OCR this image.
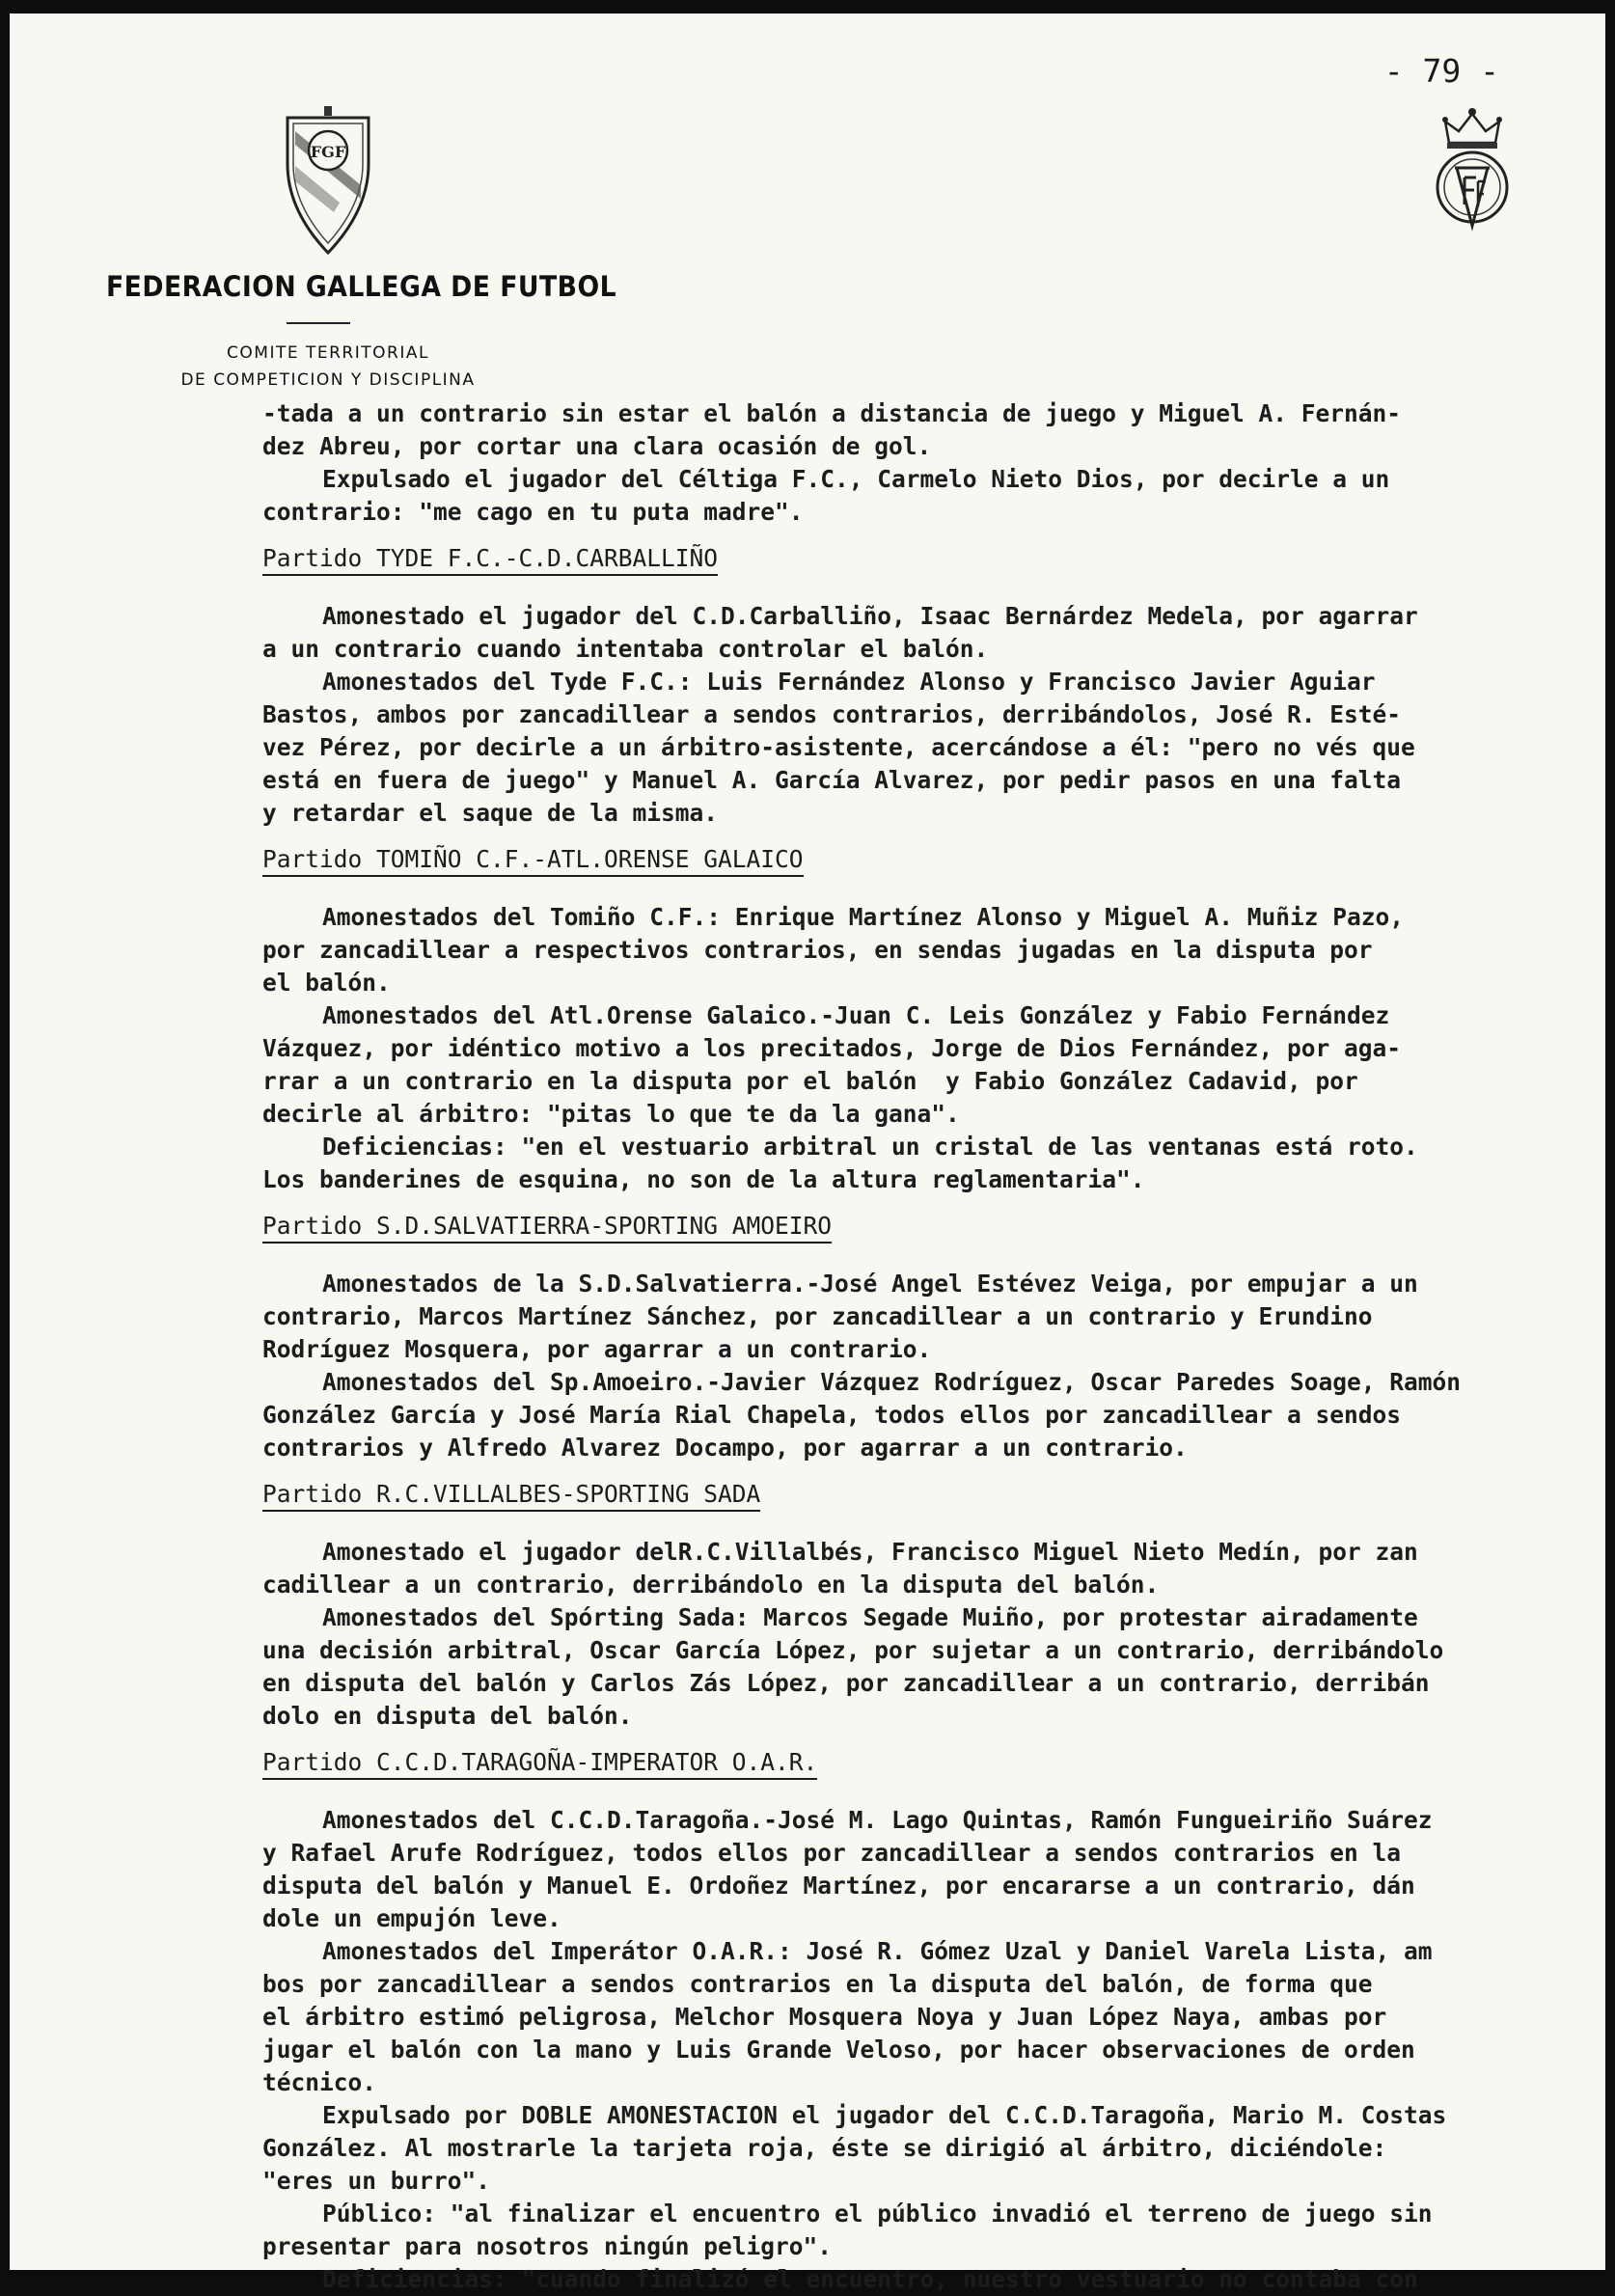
- 79 -
FGF
FEDERACION GALLEGA DE FUTBOL
COMITE TERRITORIAL
DE COMPETICION Y DISCIPLINA
-tada a un contrario sin estar el balón a distancia de juego y Miguel A. Fernán-
dez Abreu, por cortar una clara ocasión de gol.
Expulsado el jugador del Céltiga F.C., Carmelo Nieto Dios, por decirle a un
contrario: "me cago en tu puta madre".
Partido TYDE F.C.-C.D.CARBALLIÑO
Amonestado el jugador del C.D.Carballiño, Isaac Bernárdez Medela, por agarrar
a un contrario cuando intentaba controlar el balón.
Amonestados del Tyde F.C.: Luis Fernández Alonso y Francisco Javier Aguiar
Bastos, ambos por zancadillear a sendos contrarios, derribándolos, José R. Esté-
vez Pérez, por decirle a un árbitro-asistente, acercándose a él: "pero no vés que
está en fuera de juego" y Manuel A. García Alvarez, por pedir pasos en una falta
y retardar el saque de la misma.
Partido TOMIÑO C.F.-ATL.ORENSE GALAICO
Amonestados del Tomiño C.F.: Enrique Martínez Alonso y Miguel A. Muñiz Pazo,
por zancadillear a respectivos contrarios, en sendas jugadas en la disputa por
el balón.
Amonestados del Atl.Orense Galaico.-Juan C. Leis González y Fabio Fernández
Vázquez, por idéntico motivo a los precitados, Jorge de Dios Fernández, por aga-
rrar a un contrario en la disputa por el balón  y Fabio González Cadavid, por
decirle al árbitro: "pitas lo que te da la gana".
Deficiencias: "en el vestuario arbitral un cristal de las ventanas está roto.
Los banderines de esquina, no son de la altura reglamentaria".
Partido S.D.SALVATIERRA-SPORTING AMOEIRO
Amonestados de la S.D.Salvatierra.-José Angel Estévez Veiga, por empujar a un
contrario, Marcos Martínez Sánchez, por zancadillear a un contrario y Erundino
Rodríguez Mosquera, por agarrar a un contrario.
Amonestados del Sp.Amoeiro.-Javier Vázquez Rodríguez, Oscar Paredes Soage, Ramón
González García y José María Rial Chapela, todos ellos por zancadillear a sendos
contrarios y Alfredo Alvarez Docampo, por agarrar a un contrario.
Partido R.C.VILLALBES-SPORTING SADA
Amonestado el jugador delR.C.Villalbés, Francisco Miguel Nieto Medín, por zan
cadillear a un contrario, derribándolo en la disputa del balón.
Amonestados del Spórting Sada: Marcos Segade Muiño, por protestar airadamente
una decisión arbitral, Oscar García López, por sujetar a un contrario, derribándolo
en disputa del balón y Carlos Zás López, por zancadillear a un contrario, derribán
dolo en disputa del balón.
Partido C.C.D.TARAGOÑA-IMPERATOR O.A.R.
Amonestados del C.C.D.Taragoña.-José M. Lago Quintas, Ramón Fungueiriño Suárez
y Rafael Arufe Rodríguez, todos ellos por zancadillear a sendos contrarios en la
disputa del balón y Manuel E. Ordoñez Martínez, por encararse a un contrario, dán
dole un empujón leve.
Amonestados del Imperátor O.A.R.: José R. Gómez Uzal y Daniel Varela Lista, am
bos por zancadillear a sendos contrarios en la disputa del balón, de forma que
el árbitro estimó peligrosa, Melchor Mosquera Noya y Juan López Naya, ambas por
jugar el balón con la mano y Luis Grande Veloso, por hacer observaciones de orden
técnico.
Expulsado por DOBLE AMONESTACION el jugador del C.C.D.Taragoña, Mario M. Costas
González. Al mostrarle la tarjeta roja, éste se dirigió al árbitro, diciéndole:
"eres un burro".
Público: "al finalizar el encuentro el público invadió el terreno de juego sin
presentar para nosotros ningún peligro".
Deficiencias: "cuando finalizó el encuentro, nuestro vestuario no contaba con
